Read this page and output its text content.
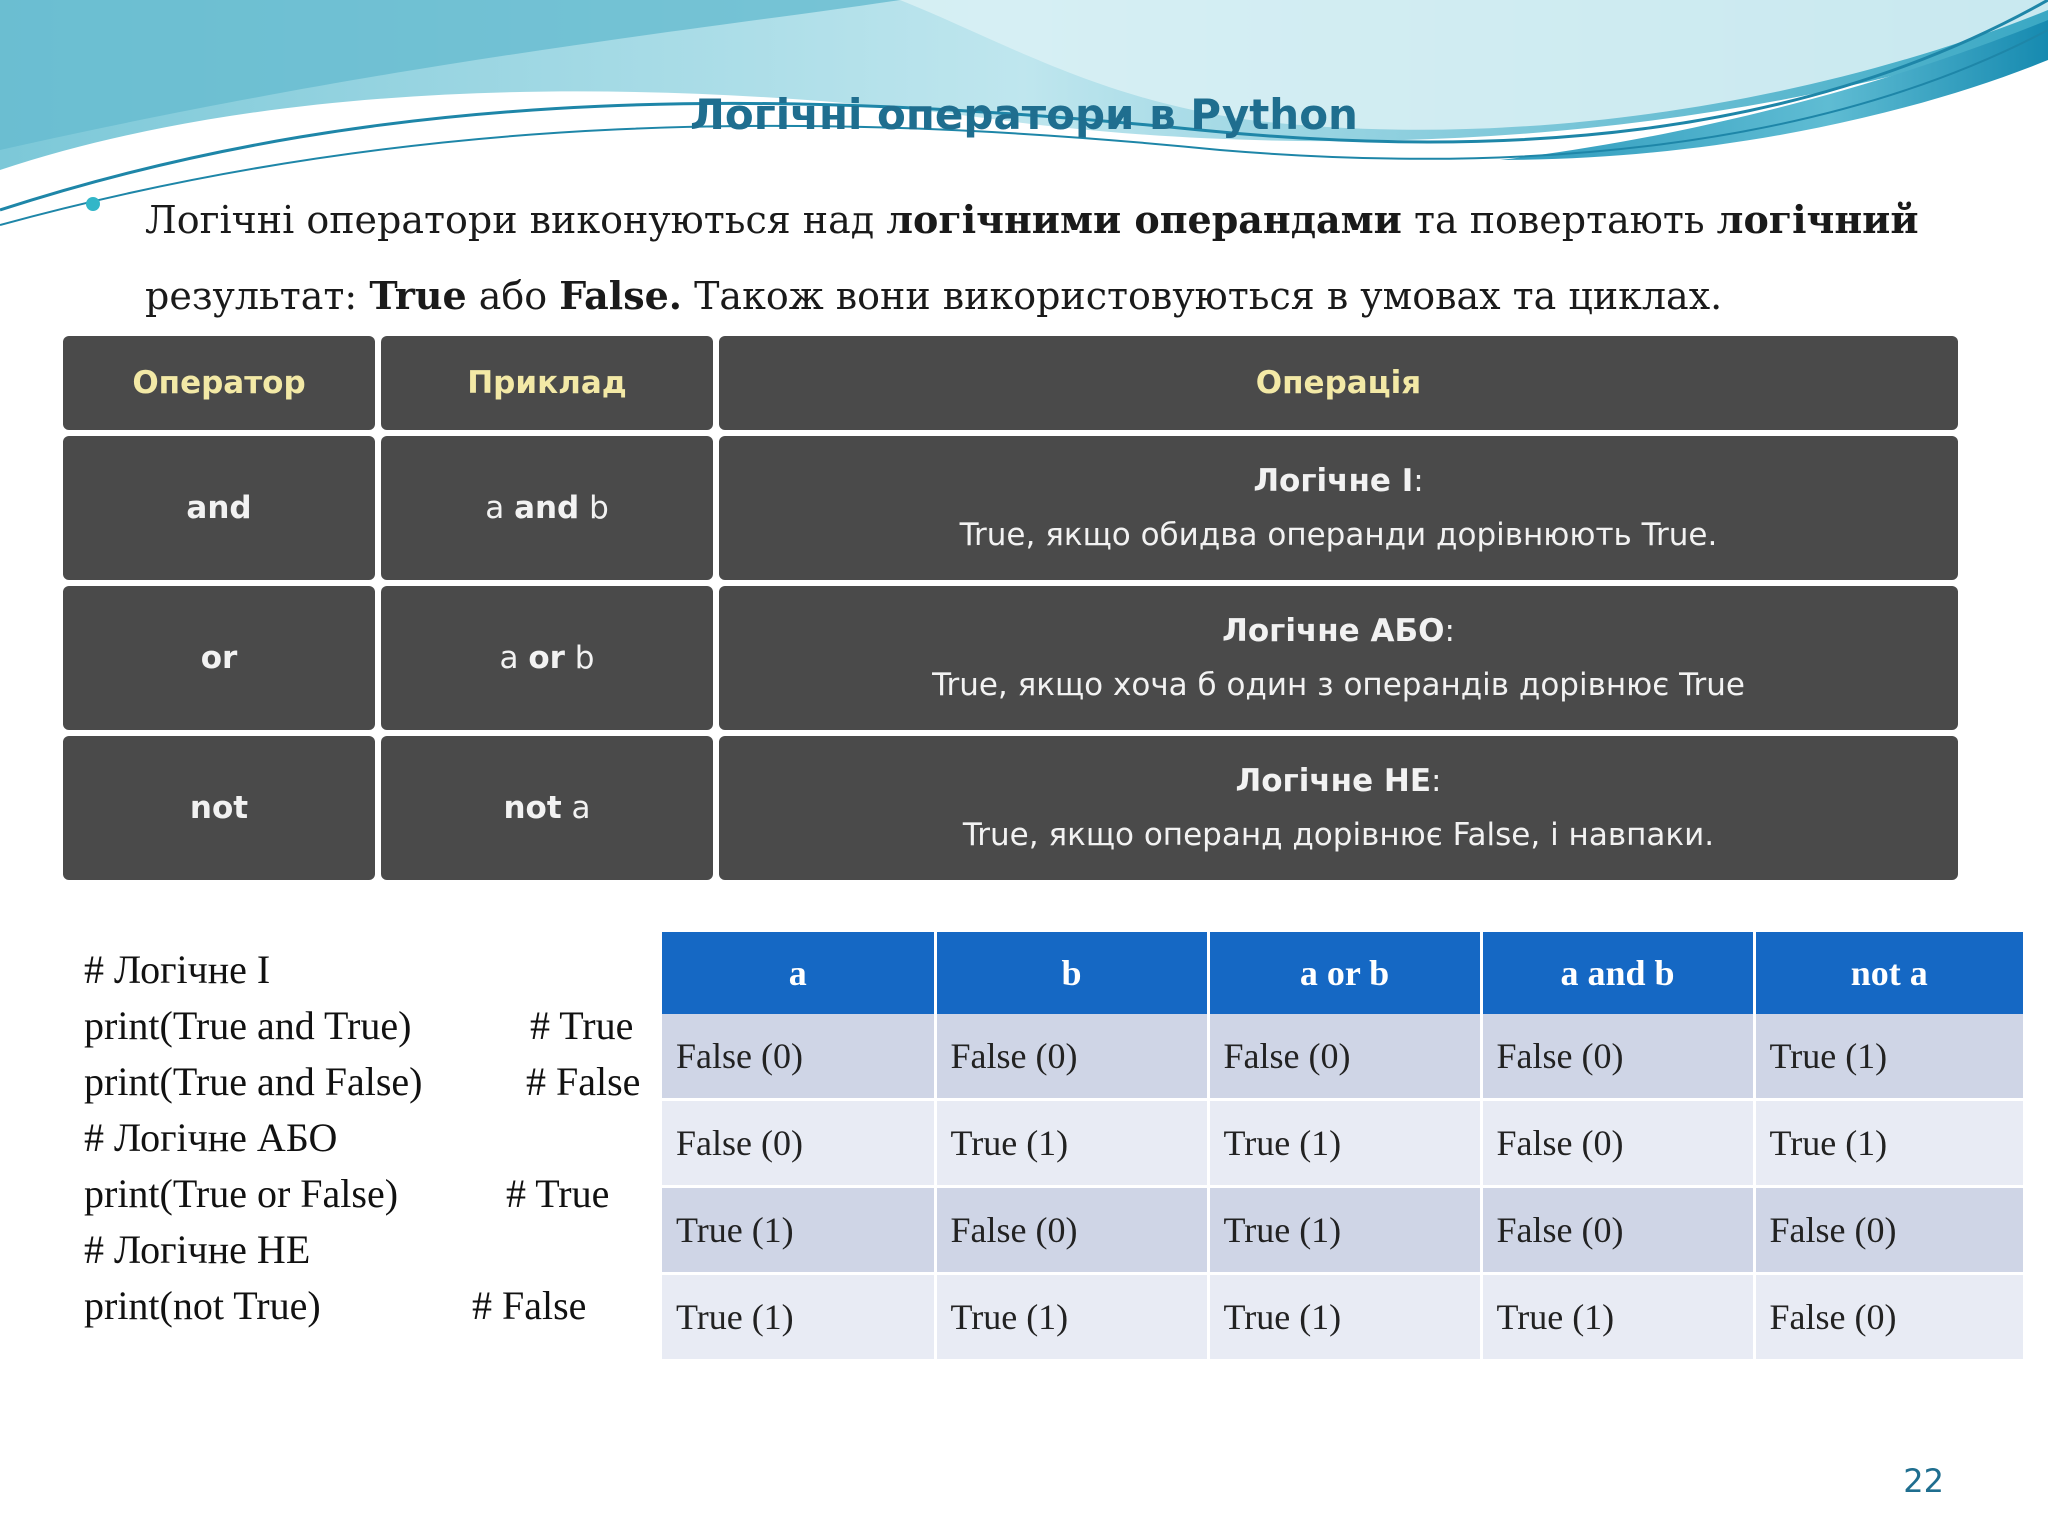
Логічні оператори в Python
Логічні оператори виконуються над логічними операндами та повертають логічний результат: True або False. Також вони використовуються в умовах та циклах.
Оператор	Приклад	Операція
and	a and b	Логічне І:
True, якщо обидва операнди дорівнюють True.

or	a or b	Логічне АБО:
True, якщо хоча б один з операндів дорівнює True

not	not a	Логічне НЕ:
True, якщо операнд дорівнює False, і навпаки.
# Логічне І
print(True and True)	# True
print(True and False)	# False
# Логічне АБО
print(True or False)	# True
# Логічне НЕ
print(not True)	# False
a	b	a or b	a and b	not a
False (0)	False (0)	False (0)	False (0)	True (1)
False (0)	True (1)	True (1)	False (0)	True (1)
True (1)	False (0)	True (1)	False (0)	False (0)
True (1)	True (1)	True (1)	True (1)	False (0)
22
